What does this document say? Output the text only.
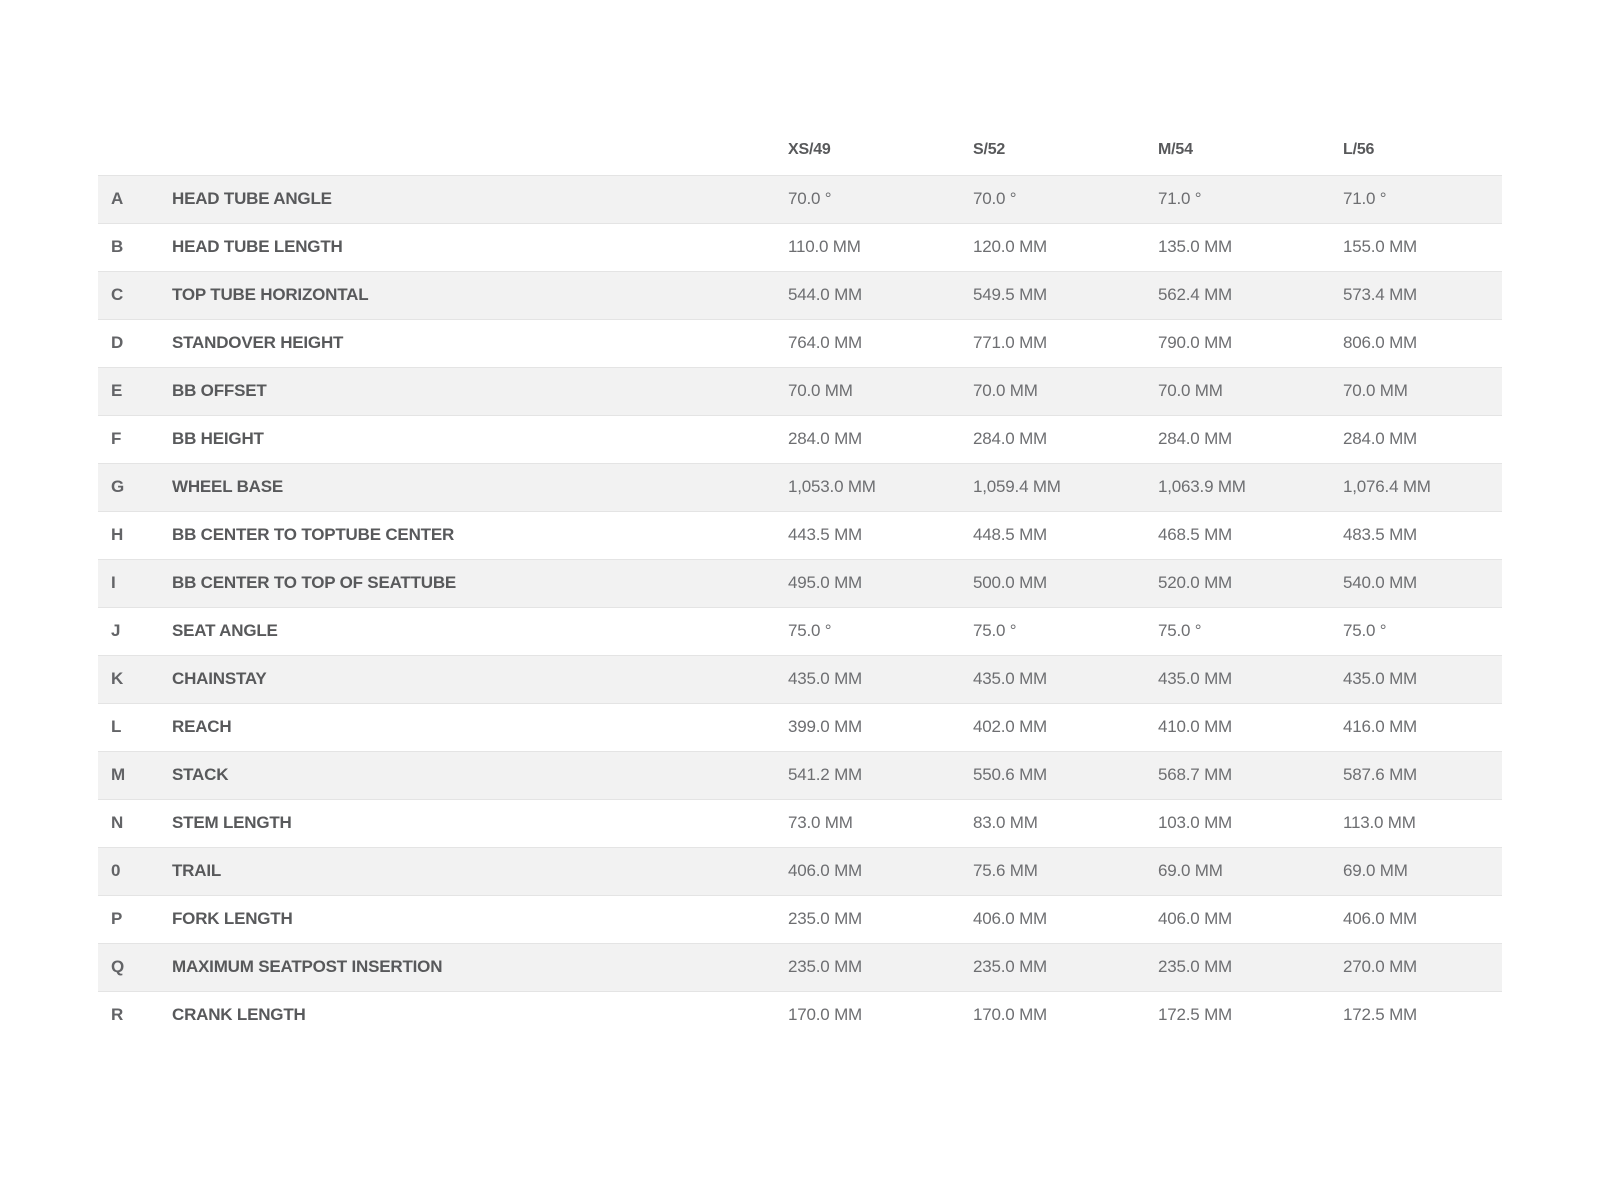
		XS/49	S/52	M/54	L/56
A	HEAD TUBE ANGLE	70.0 °	70.0 °	71.0 °	71.0 °
B	HEAD TUBE LENGTH	110.0 MM	120.0 MM	135.0 MM	155.0 MM
C	TOP TUBE HORIZONTAL	544.0 MM	549.5 MM	562.4 MM	573.4 MM
D	STANDOVER HEIGHT	764.0 MM	771.0 MM	790.0 MM	806.0 MM
E	BB OFFSET	70.0 MM	70.0 MM	70.0 MM	70.0 MM
F	BB HEIGHT	284.0 MM	284.0 MM	284.0 MM	284.0 MM
G	WHEEL BASE	1,053.0 MM	1,059.4 MM	1,063.9 MM	1,076.4 MM
H	BB CENTER TO TOPTUBE CENTER	443.5 MM	448.5 MM	468.5 MM	483.5 MM
I	BB CENTER TO TOP OF SEATTUBE	495.0 MM	500.0 MM	520.0 MM	540.0 MM
J	SEAT ANGLE	75.0 °	75.0 °	75.0 °	75.0 °
K	CHAINSTAY	435.0 MM	435.0 MM	435.0 MM	435.0 MM
L	REACH	399.0 MM	402.0 MM	410.0 MM	416.0 MM
M	STACK	541.2 MM	550.6 MM	568.7 MM	587.6 MM
N	STEM LENGTH	73.0 MM	83.0 MM	103.0 MM	113.0 MM
0	TRAIL	406.0 MM	75.6 MM	69.0 MM	69.0 MM
P	FORK LENGTH	235.0 MM	406.0 MM	406.0 MM	406.0 MM
Q	MAXIMUM SEATPOST INSERTION	235.0 MM	235.0 MM	235.0 MM	270.0 MM
R	CRANK LENGTH	170.0 MM	170.0 MM	172.5 MM	172.5 MM
